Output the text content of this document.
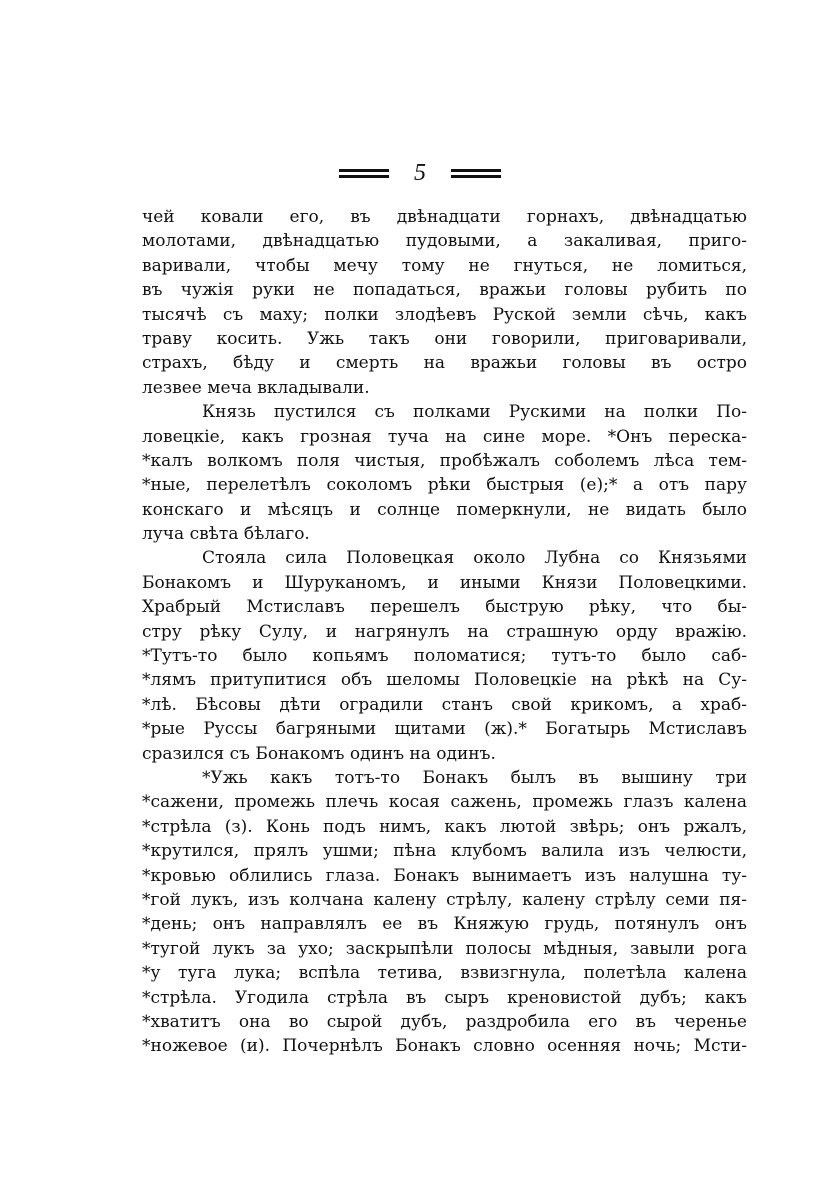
5
чей ковали его, въ двѣнадцати горнахъ, двѣнадцатью
молотами, двѣнадцатью пудовыми, а закаливая, приго-
варивали, чтобы мечу тому не гнуться, не ломиться,
въ чужія руки не попадаться, вражьи головы рубить по
тысячѣ съ маху; полки злодѣевъ Руской земли сѣчь, какъ
траву косить. Ужь такъ они говорили, приговаривали,
страхъ, бѣду и смерть на вражьи головы въ остро
лезвее меча вкладывали.
Князь пустился съ полками Рускими на полки По-
ловецкіе, какъ грозная туча на сине море. *Онъ переска-
*калъ волкомъ поля чистыя, пробѣжалъ соболемъ лѣса тем-
*ные, перелетѣлъ соколомъ рѣки быстрыя (е);* а отъ пару
конскаго и мѣсяцъ и солнце померкнули, не видать было
луча свѣта бѣлаго.
Стояла сила Половецкая около Лубна со Князьями
Бонакомъ и Шуруканомъ, и иными Князи Половецкими.
Храбрый Мстиславъ перешелъ быструю рѣку, что бы-
стру рѣку Сулу, и нагрянулъ на страшную орду вражію.
*Тутъ-то было копьямъ поломатися; тутъ-то было саб-
*лямъ притупитися объ шеломы Половецкіе на рѣкѣ на Су-
*лѣ. Бѣсовы дѣти оградили станъ свой крикомъ, а храб-
*рые Руссы багряными щитами (ж).* Богатырь Мстиславъ
сразился съ Бонакомъ одинъ на одинъ.
*Ужь какъ тотъ-то Бонакъ былъ въ вышину три
*сажени, промежь плечь косая сажень, промежь глазъ калена
*стрѣла (з). Конь подъ нимъ, какъ лютой звѣрь; онъ ржалъ,
*крутился, прялъ ушми; пѣна клубомъ валила изъ челюсти,
*кровью облились глаза. Бонакъ вынимаетъ изъ налушна ту-
*гой лукъ, изъ колчана калену стрѣлу, калену стрѣлу семи пя-
*день; онъ направлялъ ее въ Княжую грудь, потянулъ онъ
*тугой лукъ за ухо; заскрыпѣли полосы мѣдныя, завыли рога
*у туга лука; вспѣла тетива, взвизгнула, полетѣла калена
*стрѣла. Угодила стрѣла въ сыръ креновистой дубъ; какъ
*хватитъ она во сырой дубъ, раздробила его въ черенье
*ножевое (и). Почернѣлъ Бонакъ словно осенняя ночь; Мсти-
